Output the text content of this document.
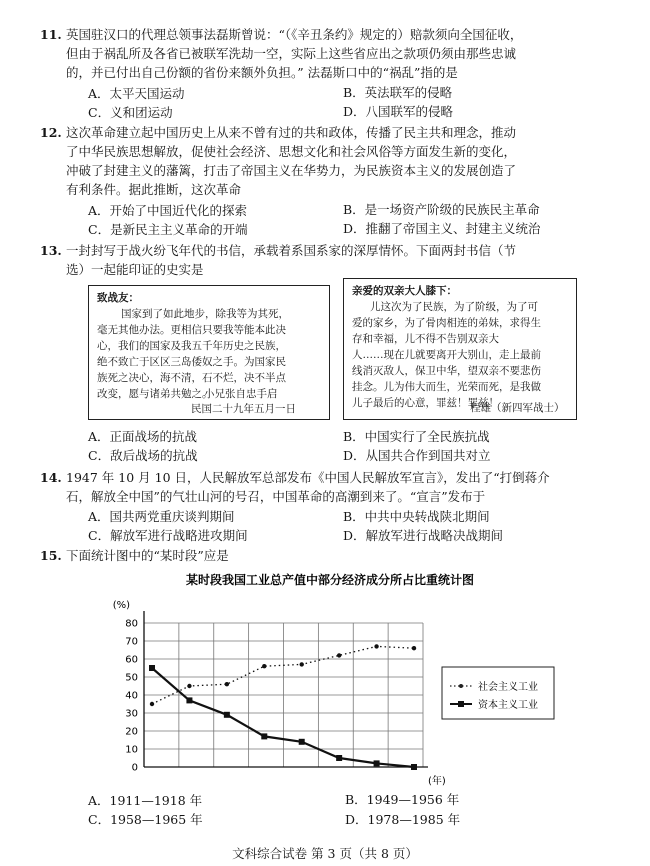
11. 英国驻汉口的代理总领事法磊斯曾说：“（《辛丑条约》规定的）赔款须向全国征收，
但由于祸乱所及各省已被联军洗劫一空，实际上这些省应出之款项仍须由那些忠诚
的，并已付出自己份额的省份来额外负担。” 法磊斯口中的“祸乱”指的是
A．太平天国运动	B．英法联军的侵略
C．义和团运动	D．八国联军的侵略
12. 这次革命建立起中国历史上从来不曾有过的共和政体，传播了民主共和理念，推动
了中华民族思想解放，促使社会经济、思想文化和社会风俗等方面发生新的变化，
冲破了封建主义的藩篱，打击了帝国主义在华势力，为民族资本主义的发展创造了
有利条件。据此推断，这次革命
A．开始了中国近代化的探索	B．是一场资产阶级的民族民主革命
C．是新民主主义革命的开端	D．推翻了帝国主义、封建主义统治
13. 一封封写于战火纷飞年代的书信，承载着系国系家的深厚情怀。下面两封书信（节
选）一起能印证的史实是
致战友：
国家到了如此地步，除我等为其死，
毫无其他办法。更相信只要我等能本此决
心，我们的国家及我五千年历史之民族，
绝不致亡于区区三岛倭奴之手。为国家民
族死之决心，海不清，石不烂，决不半点
改变，愿与诸弟共勉之。
小兄张自忠手启
民国二十九年五月一日
亲爱的双亲大人膝下：
儿这次为了民族，为了阶级，为了可
爱的家乡，为了骨肉相连的弟妹，求得生
存和幸福，儿不得不告别双亲大
人……现在儿就要离开大别山，走上最前
线消灭敌人，保卫中华，望双亲不要悲伤
挂念。儿为伟大而生，光荣而死，是我做
儿子最后的心意，罪兹！罪兹！
程雄（新四军战士）
A．正面战场的抗战	B．中国实行了全民族抗战
C．敌后战场的抗战	D．从国共合作到国共对立
14. 1947 年 10 月 10 日，人民解放军总部发布《中国人民解放军宣言》，发出了“打倒蒋介
石，解放全中国”的气壮山河的号召，中国革命的高潮到来了。“宣言”发布于
A．国共两党重庆谈判期间	B．中共中央转战陕北期间
C．解放军进行战略进攻期间	D．解放军进行战略决战期间
15. 下面统计图中的“某时段”应是
某时段我国工业总产值中部分经济成分所占比重统计图
(%)
0
10
20
30
40
50
60
70
80
(年)
社会主义工业
资本主义工业
A．1911—1918 年	B．1949—1956 年
C．1958—1965 年	D．1978—1985 年
文科综合试卷 第 3 页（共 8 页）
